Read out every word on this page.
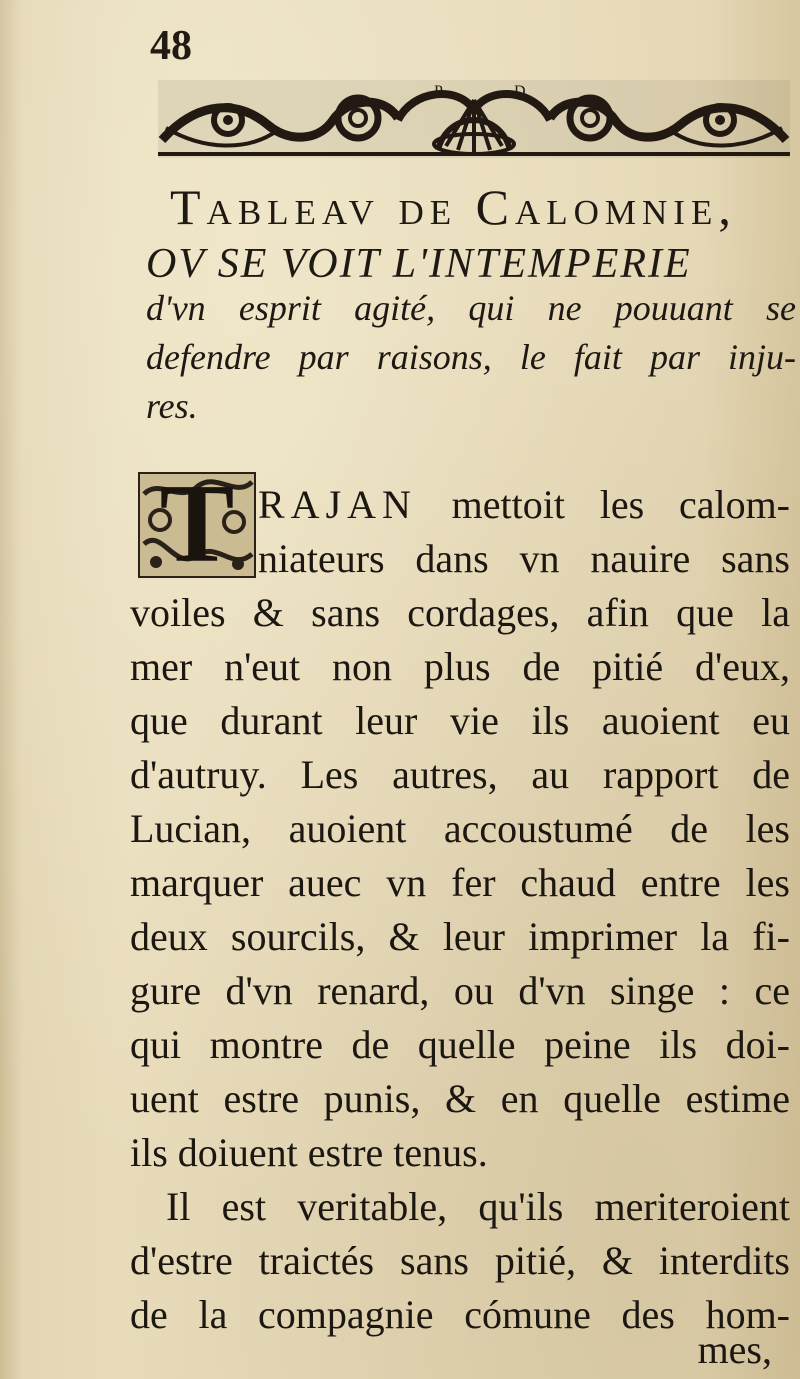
48
P	D
Tableav de Calomnie,
OV SE VOIT L'INTEMPERIE
d'vn esprit agité, qui ne pouuant se
defendre par raisons, le fait par inju-
res.
T RAJAN mettoit les calom-
niateurs dans vn nauire sans
voiles & sans cordages, afin que la
mer n'eut non plus de pitié d'eux,
que durant leur vie ils auoient eu
d'autruy. Les autres, au rapport de
Lucian, auoient accoustumé de les
marquer auec vn fer chaud entre les
deux sourcils, & leur imprimer la fi-
gure d'vn renard, ou d'vn singe : ce
qui montre de quelle peine ils doi-
uent estre punis, & en quelle estime
ils doiuent estre tenus.
Il est veritable, qu'ils meriteroient
d'estre traictés sans pitié, & interdits
de la compagnie cómune des hom-
mes,
